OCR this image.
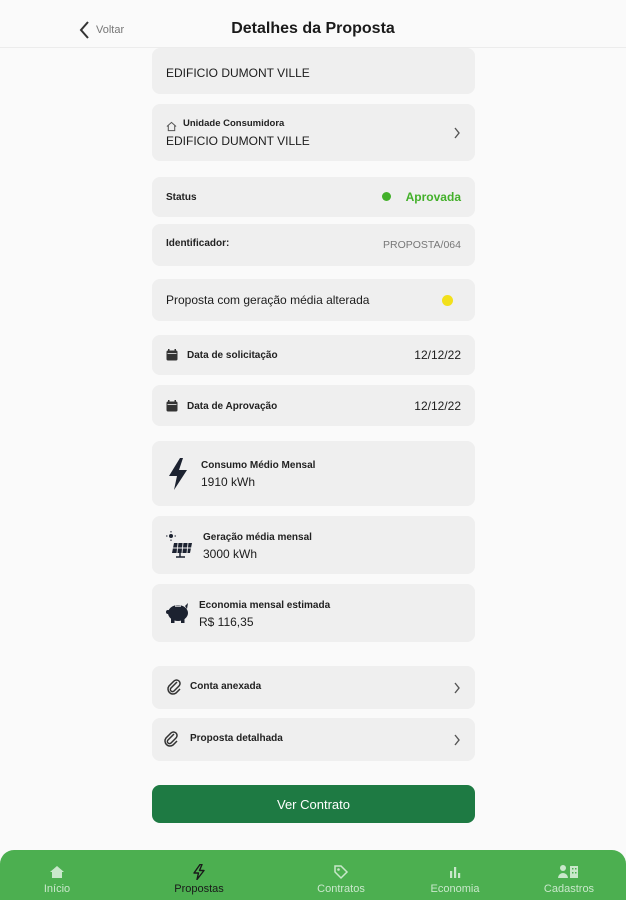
Voltar	Detalhes da Proposta
EDIFICIO DUMONT VILLE
Unidade Consumidora
EDIFICIO DUMONT VILLE
Status	Aprovada
Identificador:	PROPOSTA/064
Proposta com geração média alterada
Data de solicitação	12/12/22
Data de Aprovação	12/12/22
Consumo Médio Mensal
1910 kWh
Geração média mensal
3000 kWh
Economia mensal estimada
R$ 116,35
Conta anexada
Proposta detalhada
Ver Contrato
Início	Propostas	Contratos	Economia	Cadastros
